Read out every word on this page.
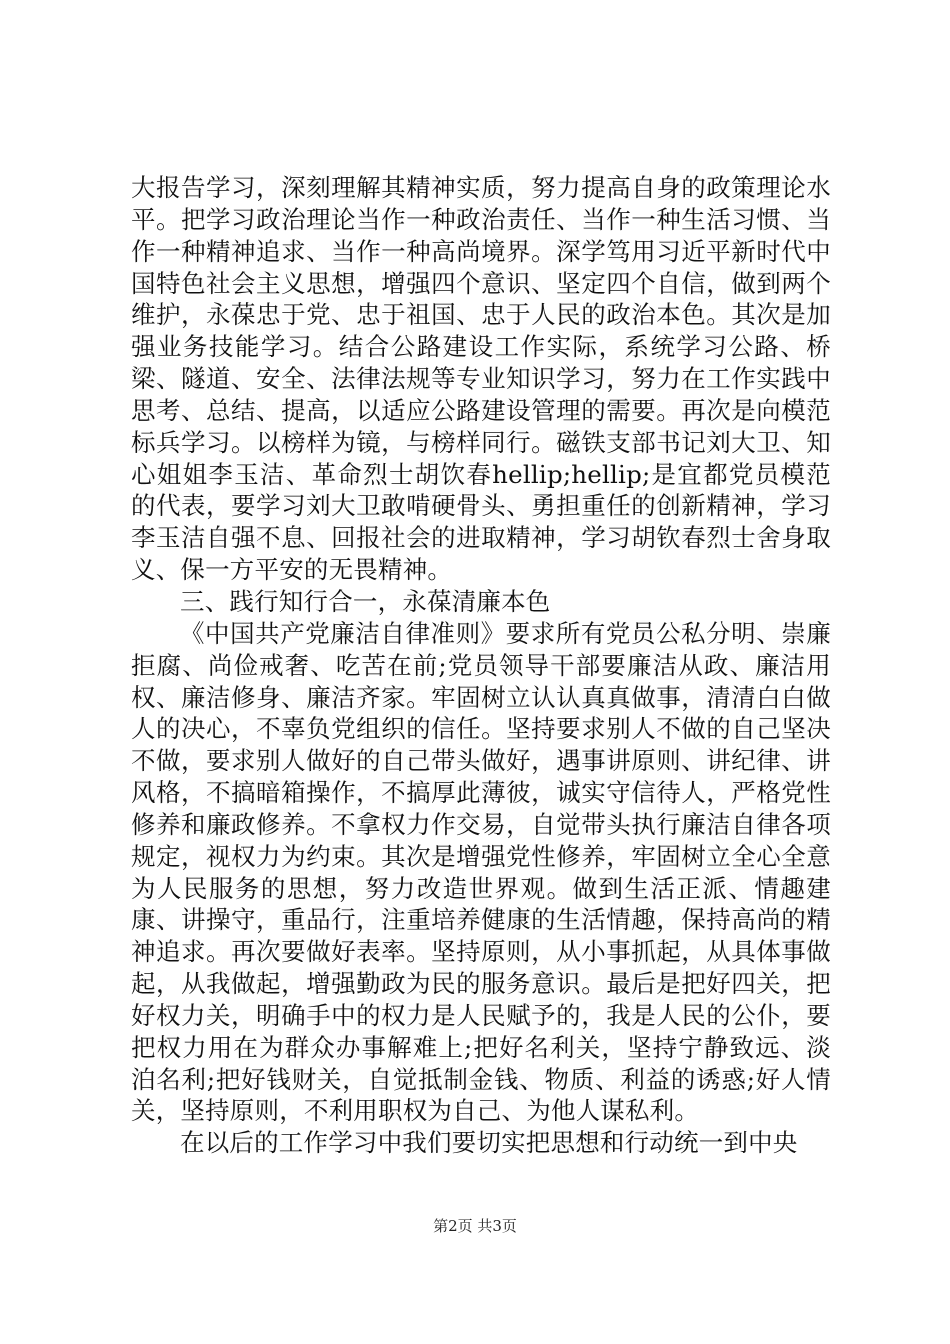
大报告学习，深刻理解其精神实质，努力提高自身的政策理论水平。把学习政治理论当作一种政治责任、当作一种生活习惯、当作一种精神追求、当作一种高尚境界。深学笃用习近平新时代中国特色社会主义思想，增强四个意识、坚定四个自信，做到两个维护，永葆忠于党、忠于祖国、忠于人民的政治本色。其次是加强业务技能学习。结合公路建设工作实际，系统学习公路、桥梁、隧道、安全、法律法规等专业知识学习，努力在工作实践中思考、总结、提高，以适应公路建设管理的需要。再次是向模范标兵学习。以榜样为镜，与榜样同行。磁铁支部书记刘大卫、知心姐姐李玉洁、革命烈士胡饮春hellip;hellip;是宜都党员模范的代表，要学习刘大卫敢啃硬骨头、勇担重任的创新精神，学习李玉洁自强不息、回报社会的进取精神，学习胡钦春烈士舍身取义、保一方平安的无畏精神。

三、践行知行合一，永葆清廉本色

《中国共产党廉洁自律准则》要求所有党员公私分明、崇廉拒腐、尚俭戒奢、吃苦在前;党员领导干部要廉洁从政、廉洁用权、廉洁修身、廉洁齐家。牢固树立认认真真做事，清清白白做人的决心，不辜负党组织的信任。坚持要求别人不做的自己坚决不做，要求别人做好的自己带头做好，遇事讲原则、讲纪律、讲风格，不搞暗箱操作，不搞厚此薄彼，诚实守信待人，严格党性修养和廉政修养。不拿权力作交易，自觉带头执行廉洁自律各项规定，视权力为约束。其次是增强党性修养，牢固树立全心全意为人民服务的思想，努力改造世界观。做到生活正派、情趣建康、讲操守，重品行，注重培养健康的生活情趣，保持高尚的精神追求。再次要做好表率。坚持原则，从小事抓起，从具体事做起，从我做起，增强勤政为民的服务意识。最后是把好四关，把好权力关，明确手中的权力是人民赋予的，我是人民的公仆，要把权力用在为群众办事解难上;把好名利关，坚持宁静致远、淡泊名利;把好钱财关，自觉抵制金钱、物质、利益的诱惑;好人情关，坚持原则，不利用职权为自己、为他人谋私利。

在以后的工作学习中我们要切实把思想和行动统一到中央

第2页 共3页
